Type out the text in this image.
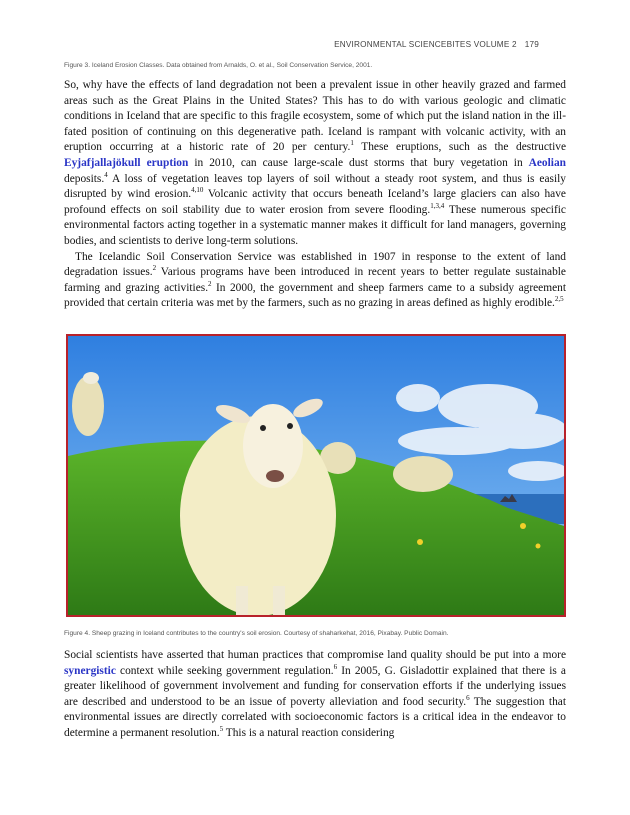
ENVIRONMENTAL SCIENCEBITES VOLUME 2 179
Figure 3. Iceland Erosion Classes. Data obtained from Arnalds, O. et al., Soil Conservation Service, 2001.

So, why have the effects of land degradation not been a prevalent issue in other heavily grazed and farmed areas such as the Great Plains in the United States? This has to do with various geologic and climatic conditions in Iceland that are specific to this fragile ecosystem, some of which put the island nation in the ill-fated position of continuing on this degenerative path. Iceland is rampant with volcanic activity, with an eruption occurring at a historic rate of 20 per century.$^1$ These eruptions, such as the destructive Eyjafjallajökull eruption in 2010, can cause large-scale dust storms that bury vegetation in Aeolian deposits.$^4$ A loss of vegetation leaves top layers of soil without a steady root system, and thus is easily disrupted by wind erosion.$^{4,10}$ Volcanic activity that occurs beneath Iceland’s large glaciers can also have profound effects on soil stability due to water erosion from severe flooding.$^{1,3,4}$ These numerous specific environmental factors acting together in a systematic manner makes it difficult for land managers, governing bodies, and scientists to derive long-term solutions.

The Icelandic Soil Conservation Service was established in 1907 in response to the extent of land degradation issues.$^2$ Various programs have been introduced in recent years to better regulate sustainable farming and grazing activities.$^2$ In 2000, the government and sheep farmers came to a subsidy agreement provided that certain criteria was met by the farmers, such as no grazing in areas defined as highly erodible.$^{2,5}$

Figure 4. Sheep grazing in Iceland contributes to the country's soil erosion. Courtesy of shaharkehat, 2016, Pixabay. Public Domain.

Social scientists have asserted that human practices that compromise land quality should be put into a more synergistic context while seeking government regulation.$^6$ In 2005, G. Gisladottir explained that there is a greater likelihood of government involvement and funding for conservation efforts if the underlying issues are described and understood to be an issue of poverty alleviation and food security.$^6$ The suggestion that environmental issues are directly correlated with socioeconomic factors is a critical idea in the endeavor to determine a permanent resolution.$^5$ This is a natural reaction considering
